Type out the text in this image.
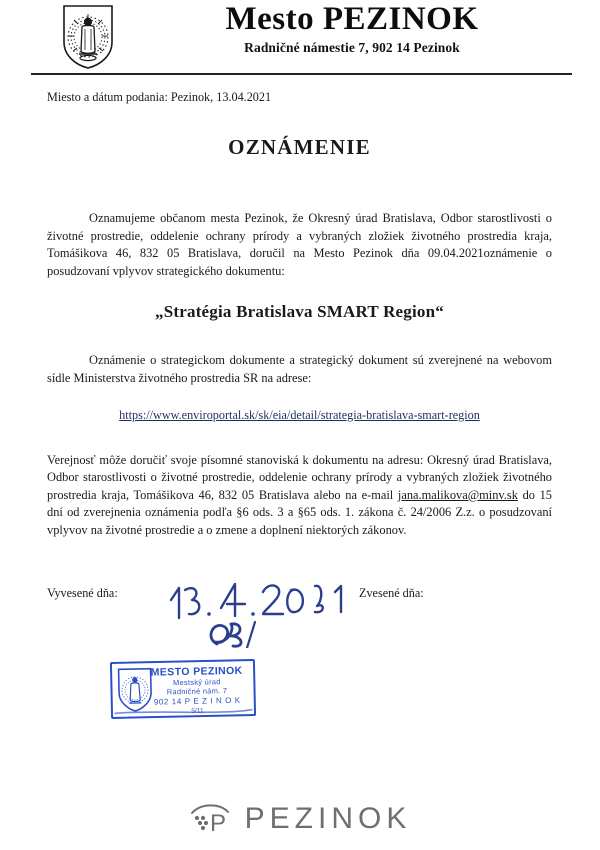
Mesto PEZINOK
Radničné námestie 7, 902 14 Pezinok
Miesto a dátum podania: Pezinok, 13.04.2021
OZNÁMENIE

Oznamujeme občanom mesta Pezinok, že Okresný úrad Bratislava, Odbor starostlivosti o životné prostredie, oddelenie ochrany prírody a vybraných zložiek životného prostredia kraja, Tomášikova 46, 832 05 Bratislava, doručil na Mesto Pezinok dňa 09.04.2021oznámenie o posudzovaní vplyvov strategického dokumentu:

„Stratégia Bratislava SMART Region“

Oznámenie o strategickom dokumente a strategický dokument sú zverejnené na webovom sídle Ministerstva životného prostredia SR na adrese:

https://www.enviroportal.sk/sk/eia/detail/strategia-bratislava-smart-region

Verejnosť môže doručiť svoje písomné stanoviská k dokumentu na adresu: Okresný úrad Bratislava, Odbor starostlivosti o životné prostredie, oddelenie ochrany prírody a vybraných zložiek životného prostredia kraja, Tomášikova 46, 832 05 Bratislava alebo na e-mail jana.malikova@minv.sk do 15 dní od zverejnenia oznámenia podľa §6 ods. 3 a §65 ods. 1. zákona č. 24/2006 Z.z. o posudzovaní vplyvov na životné prostredie a o zmene a doplnení niektorých zákonov.

Vyvesené dňa:	Zvesené dňa:
MESTO PEZINOK
Mestský úrad
Radničné nám. 7
902 14 P E Z I N O K
5/11
P PEZINOK
